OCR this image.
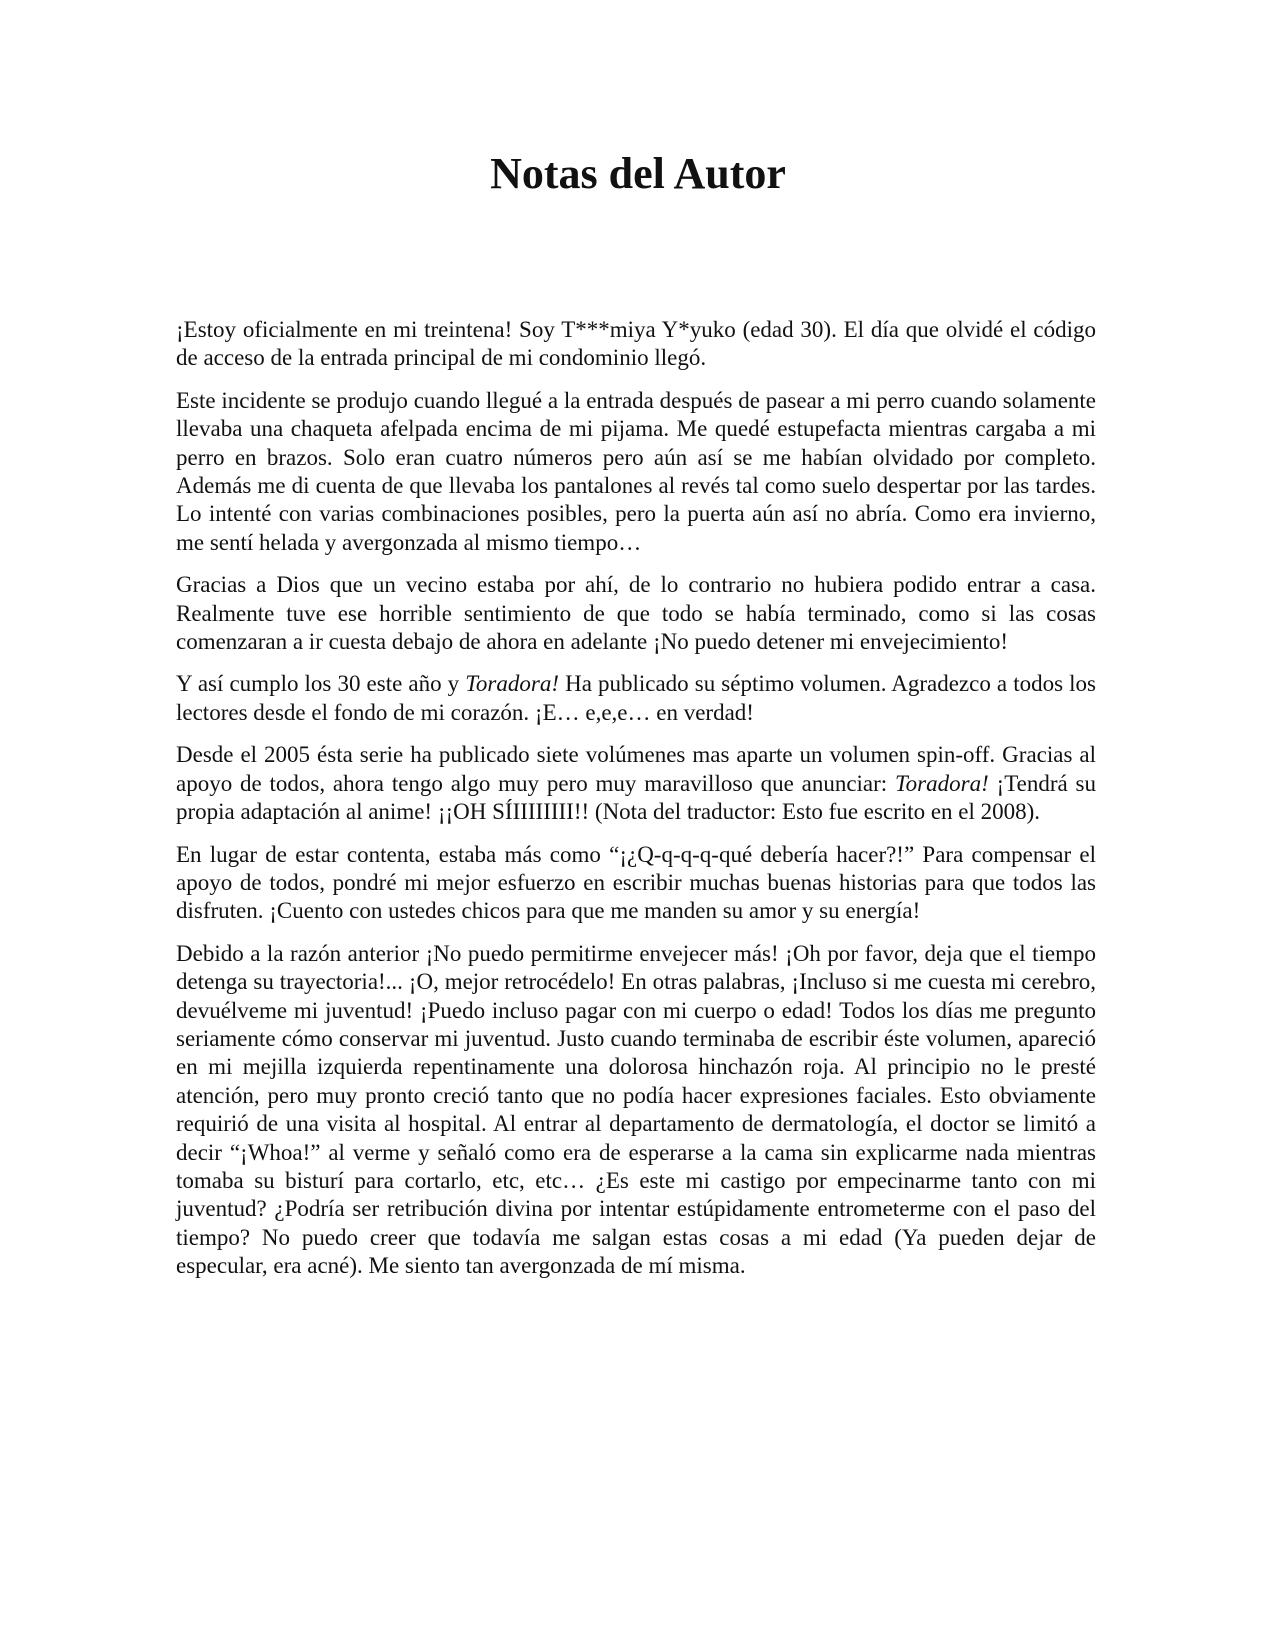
Notas del Autor

¡Estoy oficialmente en mi treintena! Soy T***miya Y*yuko (edad 30). El día que olvidé el código de acceso de la entrada principal de mi condominio llegó.

Este incidente se produjo cuando llegué a la entrada después de pasear a mi perro cuando solamente llevaba una chaqueta afelpada encima de mi pijama. Me quedé estupefacta mientras cargaba a mi perro en brazos. Solo eran cuatro números pero aún así se me habían olvidado por completo. Además me di cuenta de que llevaba los pantalones al revés tal como suelo despertar por las tardes. Lo intenté con varias combinaciones posibles, pero la puerta aún así no abría. Como era invierno, me sentí helada y avergonzada al mismo tiempo…

Gracias a Dios que un vecino estaba por ahí, de lo contrario no hubiera podido entrar a casa. Realmente tuve ese horrible sentimiento de que todo se había terminado, como si las cosas comenzaran a ir cuesta debajo de ahora en adelante ¡No puedo detener mi envejecimiento!

Y así cumplo los 30 este año y Toradora! Ha publicado su séptimo volumen. Agradezco a todos los lectores desde el fondo de mi corazón. ¡E… e,e,e… en verdad!

Desde el 2005 ésta serie ha publicado siete volúmenes mas aparte un volumen spin-off. Gracias al apoyo de todos, ahora tengo algo muy pero muy maravilloso que anunciar: Toradora! ¡Tendrá su propia adaptación al anime! ¡¡OH SÍIIIIIIII!! (Nota del traductor: Esto fue escrito en el 2008).

En lugar de estar contenta, estaba más como “¡¿Q-q-q-q-qué debería hacer?!” Para compensar el apoyo de todos, pondré mi mejor esfuerzo en escribir muchas buenas historias para que todos las disfruten. ¡Cuento con ustedes chicos para que me manden su amor y su energía!

Debido a la razón anterior ¡No puedo permitirme envejecer más! ¡Oh por favor, deja que el tiempo detenga su trayectoria!... ¡O, mejor retrocédelo! En otras palabras, ¡Incluso si me cuesta mi cerebro, devuélveme mi juventud! ¡Puedo incluso pagar con mi cuerpo o edad! Todos los días me pregunto seriamente cómo conservar mi juventud. Justo cuando terminaba de escribir éste volumen, apareció en mi mejilla izquierda repentinamente una dolorosa hinchazón roja. Al principio no le presté atención, pero muy pronto creció tanto que no podía hacer expresiones faciales. Esto obviamente requirió de una visita al hospital. Al entrar al departamento de dermatología, el doctor se limitó a decir “¡Whoa!” al verme y señaló como era de esperarse a la cama sin explicarme nada mientras tomaba su bisturí para cortarlo, etc, etc… ¿Es este mi castigo por empecinarme tanto con mi juventud? ¿Podría ser retribución divina por intentar estúpidamente entrometerme con el paso del tiempo? No puedo creer que todavía me salgan estas cosas a mi edad (Ya pueden dejar de especular, era acné). Me siento tan avergonzada de mí misma.
